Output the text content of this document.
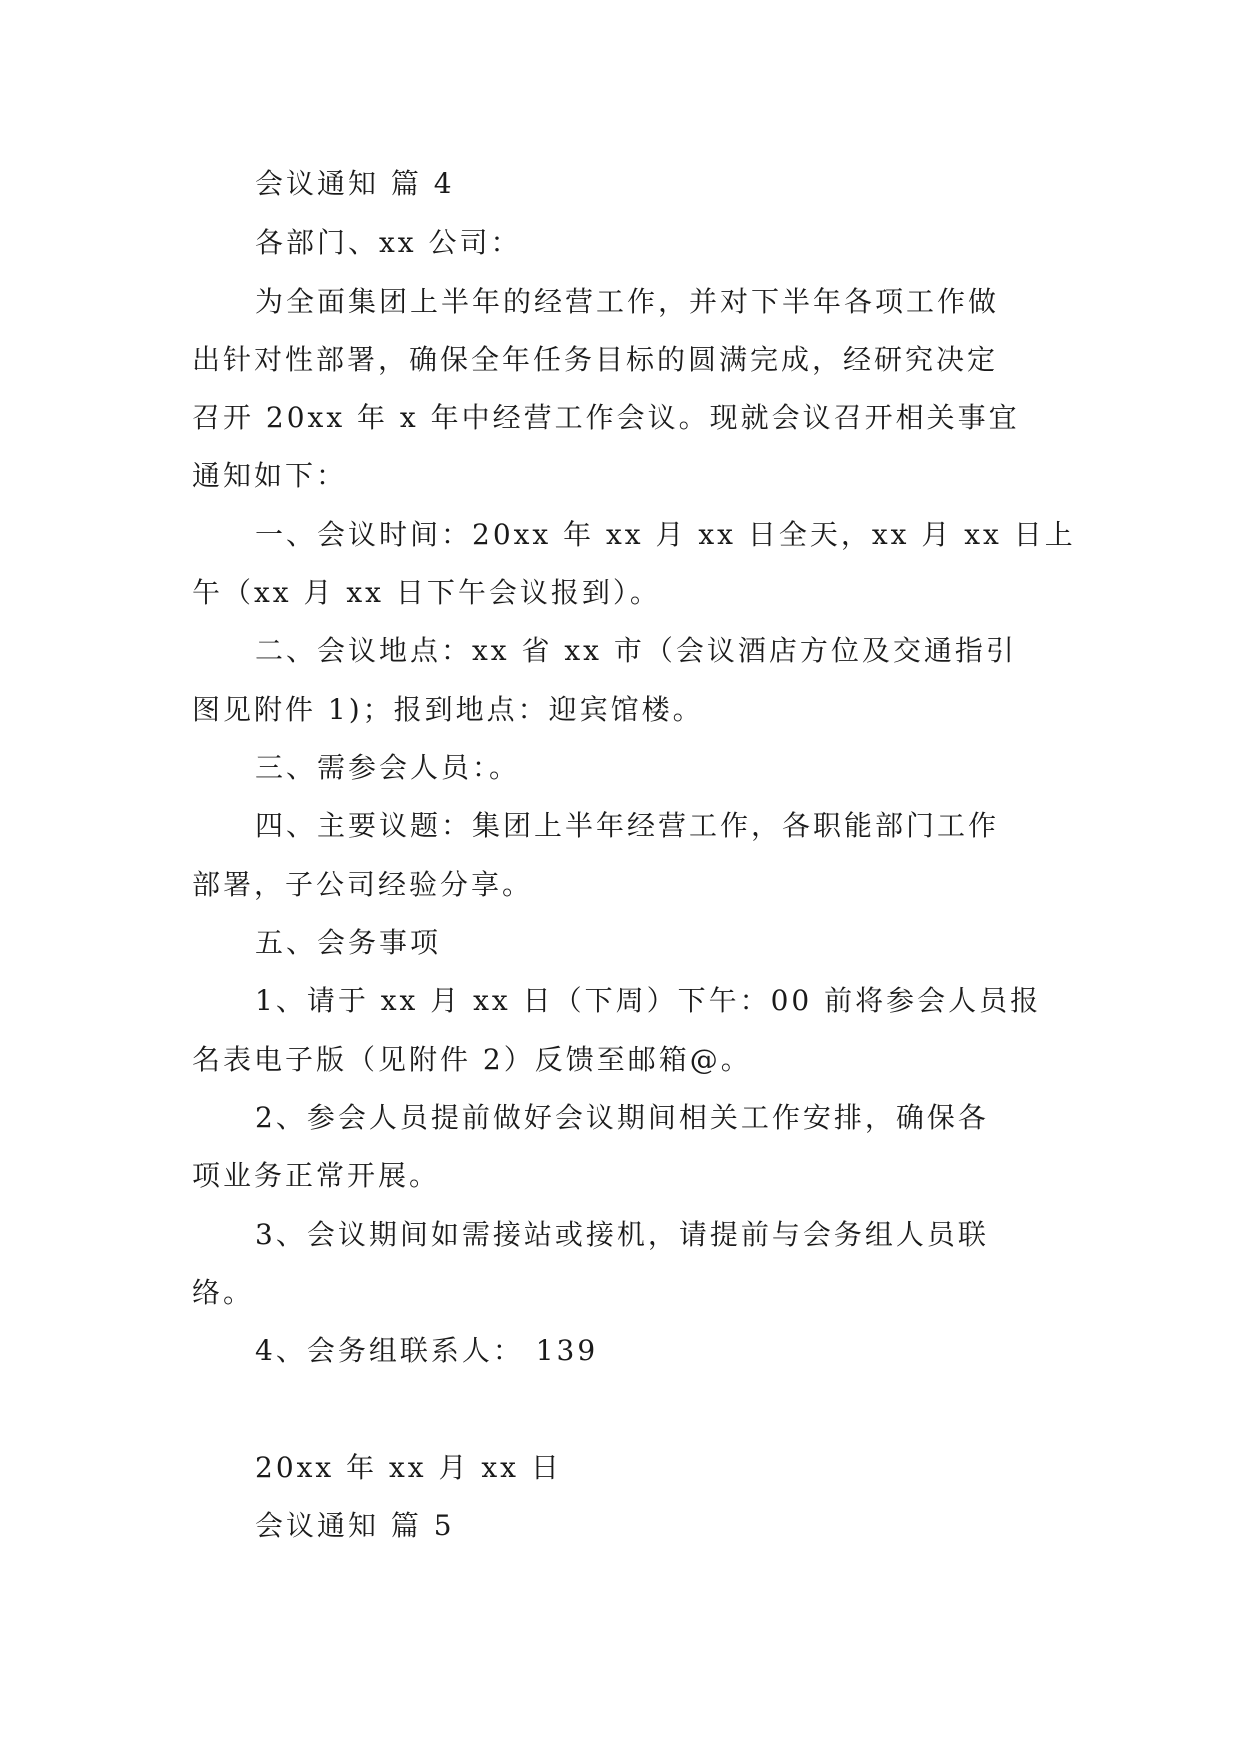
会议通知 篇 4
各部门、xx 公司：
为全面集团上半年的经营工作，并对下半年各项工作做
出针对性部署，确保全年任务目标的圆满完成，经研究决定
召开 20xx 年 x 年中经营工作会议。现就会议召开相关事宜
通知如下：
一、会议时间：20xx 年 xx 月 xx 日全天，xx 月 xx 日上
午（xx 月 xx 日下午会议报到）。
二、会议地点：xx 省 xx 市（会议酒店方位及交通指引
图见附件 1)；报到地点：迎宾馆楼。
三、需参会人员：。
四、主要议题：集团上半年经营工作，各职能部门工作
部署，子公司经验分享。
五、会务事项
1、请于 xx 月 xx 日（下周）下午：00 前将参会人员报
名表电子版（见附件 2）反馈至邮箱@。
2、参会人员提前做好会议期间相关工作安排，确保各
项业务正常开展。
3、会议期间如需接站或接机，请提前与会务组人员联
络。
4、会务组联系人： 139
20xx 年 xx 月 xx 日
会议通知 篇 5
